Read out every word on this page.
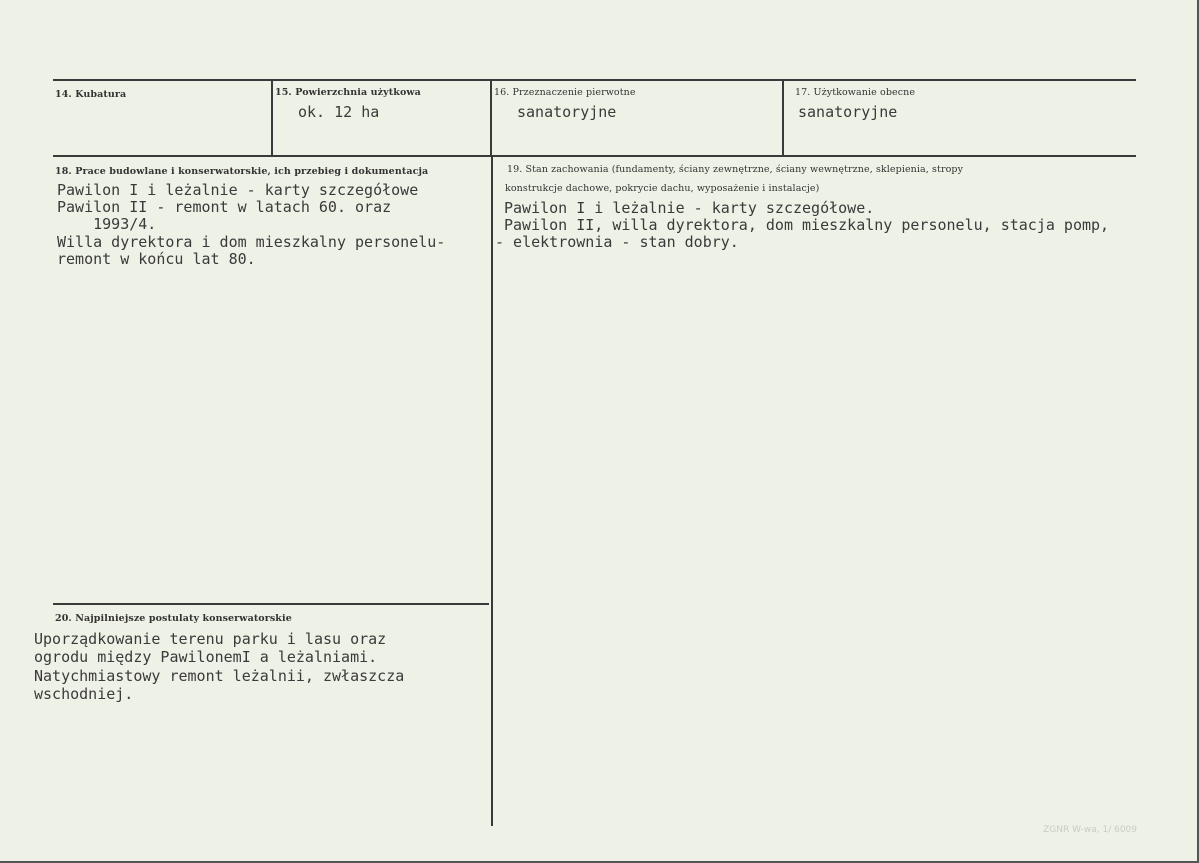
14. Kubatura	15. Powierzchnia użytkowa
ok. 12 ha
16. Przeznaczenie pierwotne
sanatoryjne
17. Użytkowanie obecne
sanatoryjne
18. Prace budowlane i konserwatorskie, ich przebieg i dokumentacja
Pawilon I i leżalnie - karty szczegółowe
Pawilon II - remont w latach 60. oraz
1993/4.
Willa dyrektora i dom mieszkalny personelu-
remont w końcu lat 80.
19. Stan zachowania (fundamenty, ściany zewnętrzne, ściany wewnętrzne, sklepienia, stropy
konstrukcje dachowe, pokrycie dachu, wyposażenie i instalacje)
Pawilon I i leżalnie - karty szczegółowe.
Pawilon II, willa dyrektora, dom mieszkalny personelu, stacja pomp,
- elektrownia - stan dobry.
20. Najpilniejsze postulaty konserwatorskie
Uporządkowanie terenu parku i lasu oraz
ogrodu między PawilonemI a leżalniami.
Natychmiastowy remont leżalnii, zwłaszcza
wschodniej.
ZGNR W-wa, 1/ 6009
